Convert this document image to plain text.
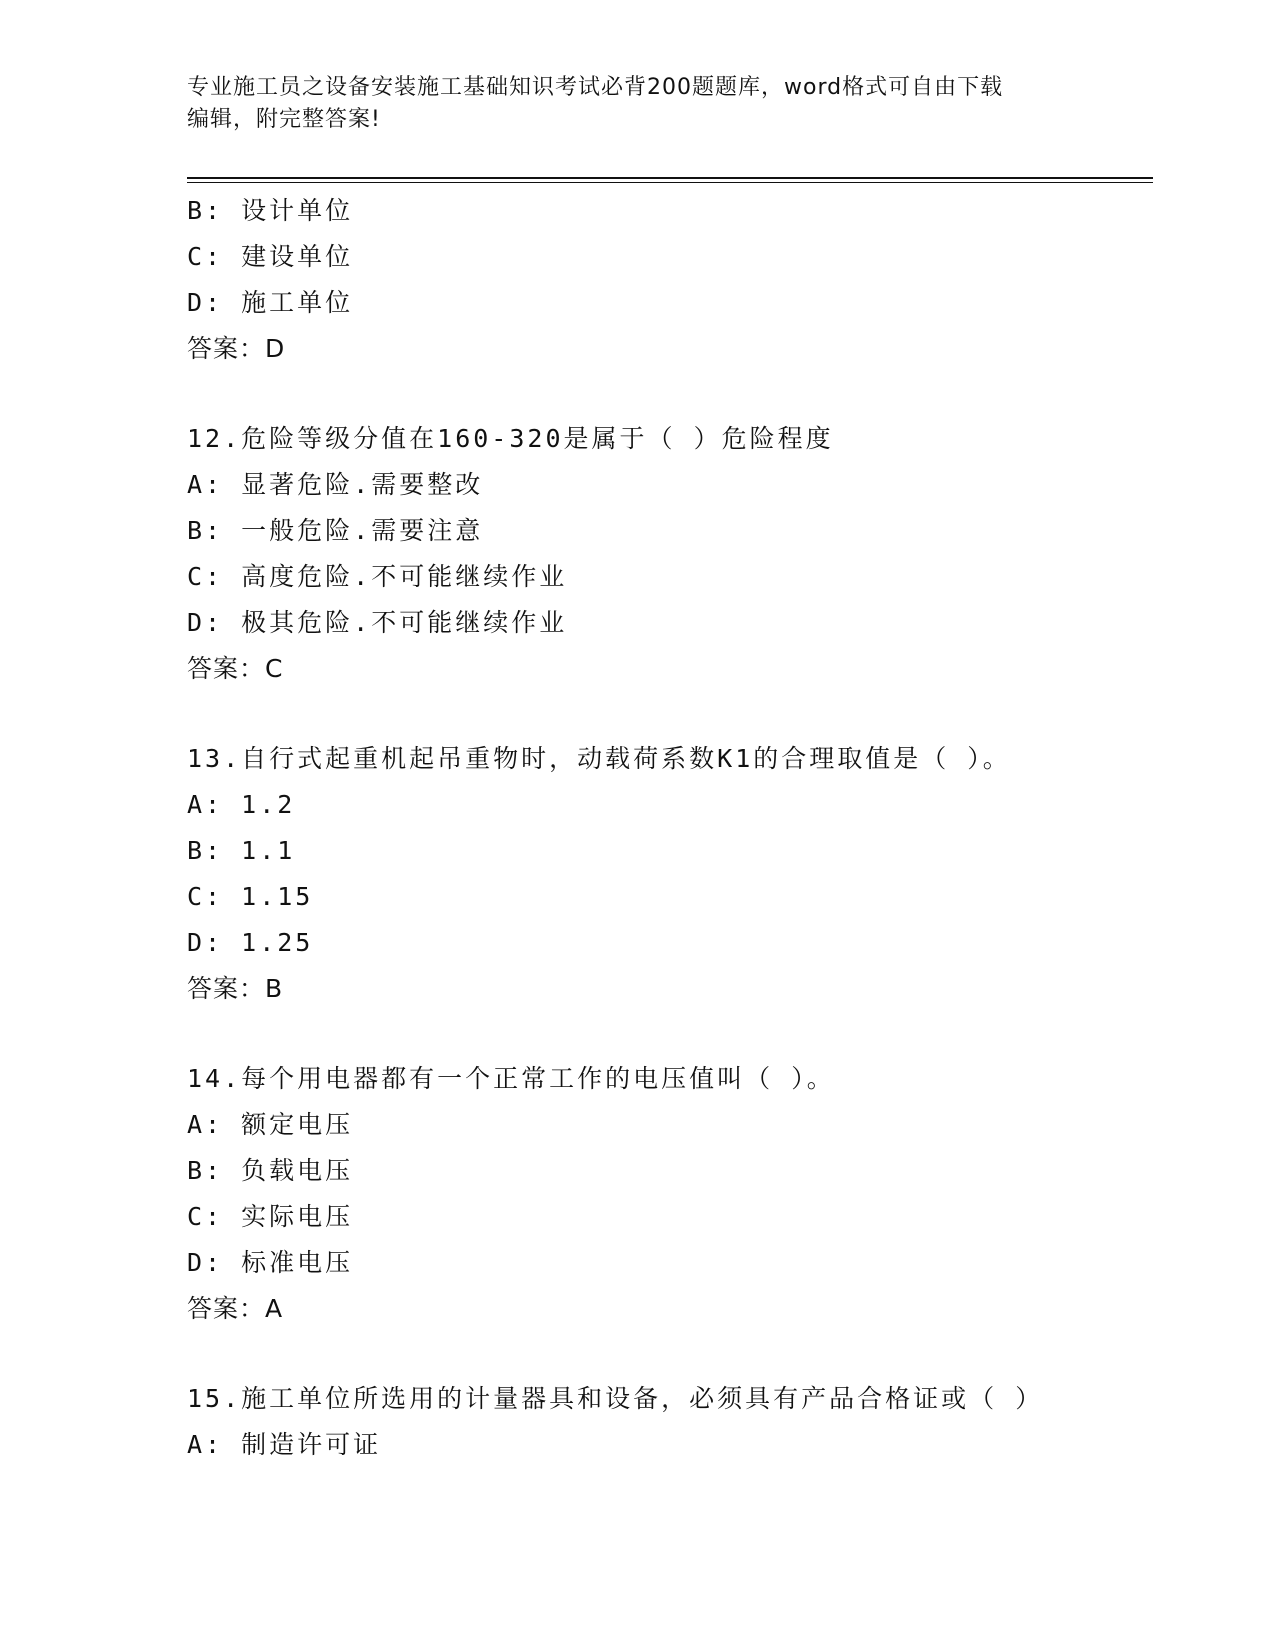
专业施工员之设备安装施工基础知识考试必背200题题库，word格式可自由下载
编辑，附完整答案!
B: 设计单位
C: 建设单位
D: 施工单位
答案：D
12.危险等级分值在160-320是属于（ ）危险程度
A: 显著危险.需要整改
B: 一般危险.需要注意
C: 高度危险.不可能继续作业
D: 极其危险.不可能继续作业
答案：C
13.自行式起重机起吊重物时，动载荷系数K1的合理取值是（ ）。
A: 1.2
B: 1.1
C: 1.15
D: 1.25
答案：B
14.每个用电器都有一个正常工作的电压值叫（ ）。
A: 额定电压
B: 负载电压
C: 实际电压
D: 标准电压
答案：A
15.施工单位所选用的计量器具和设备，必须具有产品合格证或（ ）
A: 制造许可证
